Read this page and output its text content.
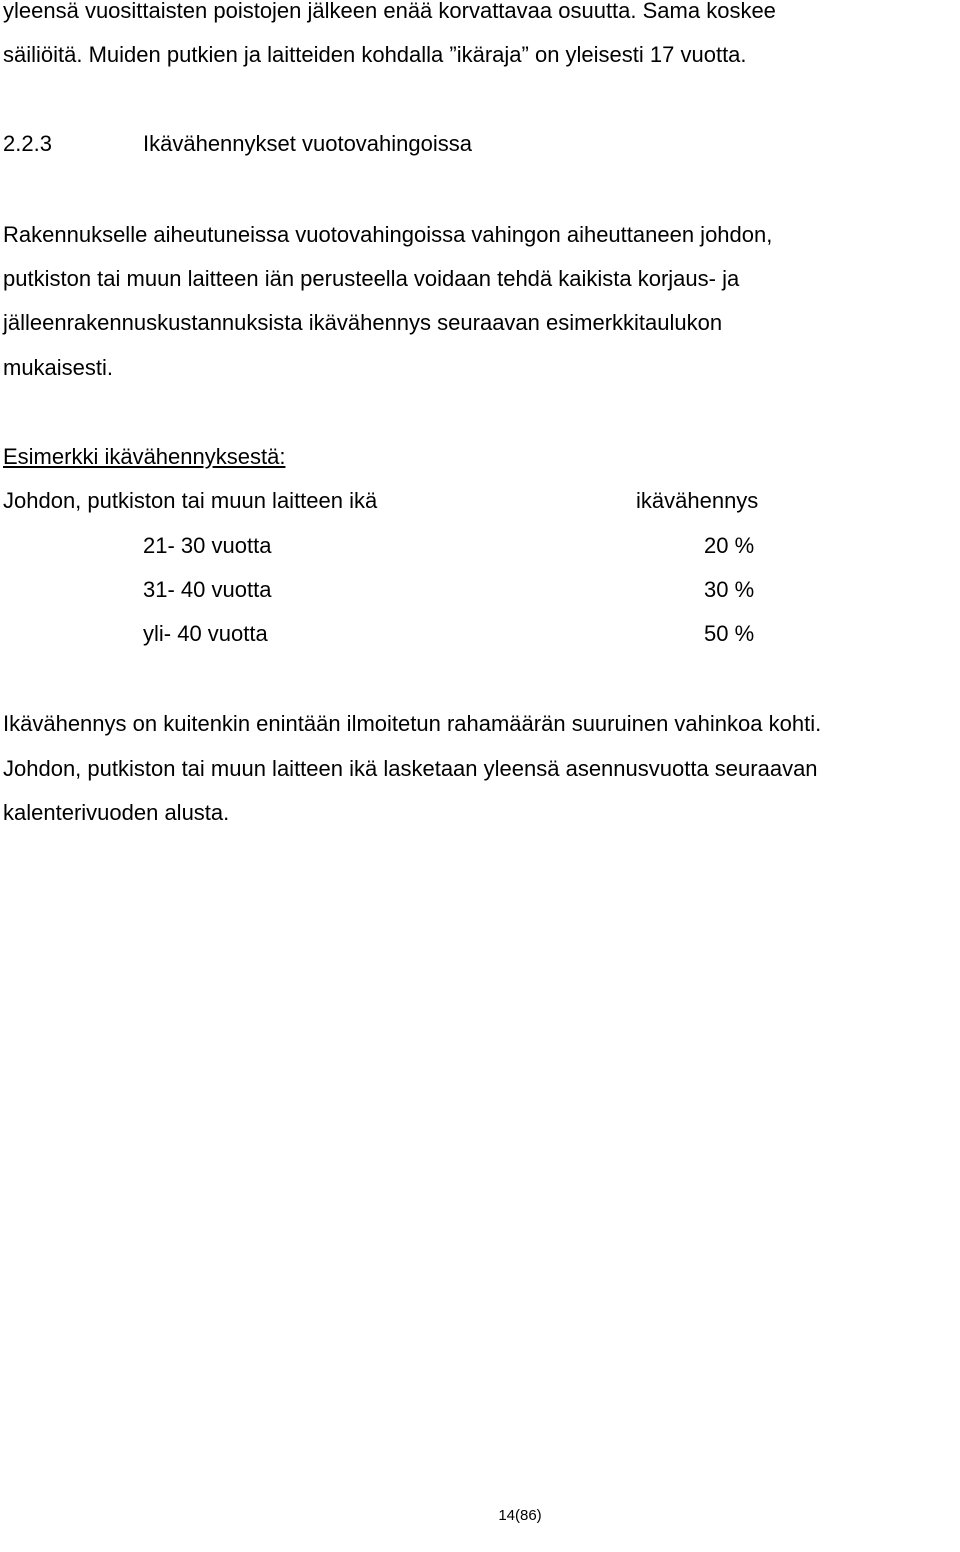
yleensä vuosittaisten poistojen jälkeen enää korvattavaa osuutta. Sama koskee
säiliöitä. Muiden putkien ja laitteiden kohdalla ”ikäraja” on yleisesti 17 vuotta.
2.2.3	Ikävähennykset vuotovahingoissa
Rakennukselle aiheutuneissa vuotovahingoissa vahingon aiheuttaneen johdon,
putkiston tai muun laitteen iän perusteella voidaan tehdä kaikista korjaus- ja
jälleenrakennuskustannuksista ikävähennys seuraavan esimerkkitaulukon
mukaisesti.
Esimerkki ikävähennyksestä:
Johdon, putkiston tai muun laitteen ikä	ikävähennys
21- 30 vuotta	20 %
31- 40 vuotta	30 %
yli- 40 vuotta	50 %
Ikävähennys on kuitenkin enintään ilmoitetun rahamäärän suuruinen vahinkoa kohti.
Johdon, putkiston tai muun laitteen ikä lasketaan yleensä asennusvuotta seuraavan
kalenterivuoden alusta.
14(86)
